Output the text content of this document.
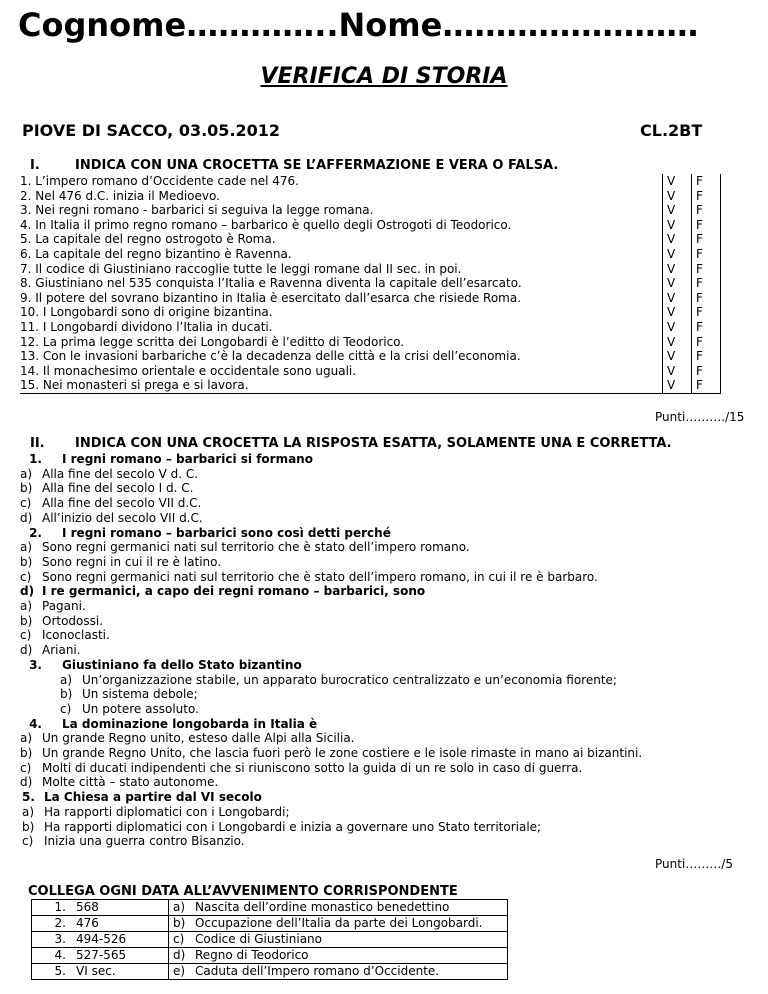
Cognome…………..Nome……………………
VERIFICA DI STORIA
PIOVE DI SACCO, 03.05.2012	CL.2BT
I.	INDICA CON UNA CROCETTA SE L’AFFERMAZIONE E VERA O FALSA.
1. L’impero romano d’Occidente cade nel 476.	V	F
2. Nel 476 d.C. inizia il Medioevo.	V	F
3. Nei regni romano - barbarici si seguiva la legge romana.	V	F
4. In Italia il primo regno romano – barbarico è quello degli Ostrogoti di Teodorico.	V	F
5. La capitale del regno ostrogoto è Roma.	V	F
6. La capitale del regno bizantino è Ravenna.	V	F
7. Il codice di Giustiniano raccoglie tutte le leggi romane dal II sec. in poi.	V	F
8. Giustiniano nel 535 conquista l’Italia e Ravenna diventa la capitale dell’esarcato.	V	F
9. Il potere del sovrano bizantino in Italia è esercitato dall’esarca che risiede Roma.	V	F
10. I Longobardi sono di origine bizantina.	V	F
11. I Longobardi dividono l’Italia in ducati.	V	F
12. La prima legge scritta dei Longobardi è l’editto di Teodorico.	V	F
13. Con le invasioni barbariche c’è la decadenza delle città e la crisi dell’economia.	V	F
14. Il monachesimo orientale e occidentale sono uguali.	V	F
15. Nei monasteri si prega e si lavora.	V	F
Punti………./15
II. INDICA CON UNA CROCETTA LA RISPOSTA ESATTA, SOLAMENTE UNA E CORRETTA.
1. I regni romano – barbarici si formano
a) Alla fine del secolo V d. C.
b) Alla fine del secolo I d. C.
c) Alla fine del secolo VII d.C.
d) All’inizio del secolo VII d.C.
2. I regni romano – barbarici sono così detti perché
a) Sono regni germanici nati sul territorio che è stato dell’impero romano.
b) Sono regni in cui il re è latino.
c) Sono regni germanici nati sul territorio che è stato dell’impero romano, in cui il re è barbaro.
d) I re germanici, a capo dei regni romano – barbarici, sono
a) Pagani.
b) Ortodossi.
c) Iconoclasti.
d) Ariani.
3. Giustiniano fa dello Stato bizantino
a) Un’organizzazione stabile, un apparato burocratico centralizzato e un’economia fiorente;
b) Un sistema debole;
c) Un potere assoluto.
4. La dominazione longobarda in Italia è
a) Un grande Regno unito, esteso dalle Alpi alla Sicilia.
b) Un grande Regno Unito, che lascia fuori però le zone costiere e le isole rimaste in mano ai bizantini.
c) Molti di ducati indipendenti che si riuniscono sotto la guida di un re solo in caso di guerra.
d) Molte città – stato autonome.
5. La Chiesa a partire dal VI secolo
a) Ha rapporti diplomatici con i Longobardi;
b) Ha rapporti diplomatici con i Longobardi e inizia a governare uno Stato territoriale;
c) Inizia una guerra contro Bisanzio.
Punti………/5
COLLEGA OGNI DATA ALL’AVVENIMENTO CORRISPONDENTE
1. 568	a) Nascita dell’ordine monastico benedettino
2. 476	b) Occupazione dell’Italia da parte dei Longobardi.
3. 494-526	c) Codice di Giustiniano
4. 527-565	d) Regno di Teodorico
5. VI sec.	e) Caduta dell’Impero romano d’Occidente.
